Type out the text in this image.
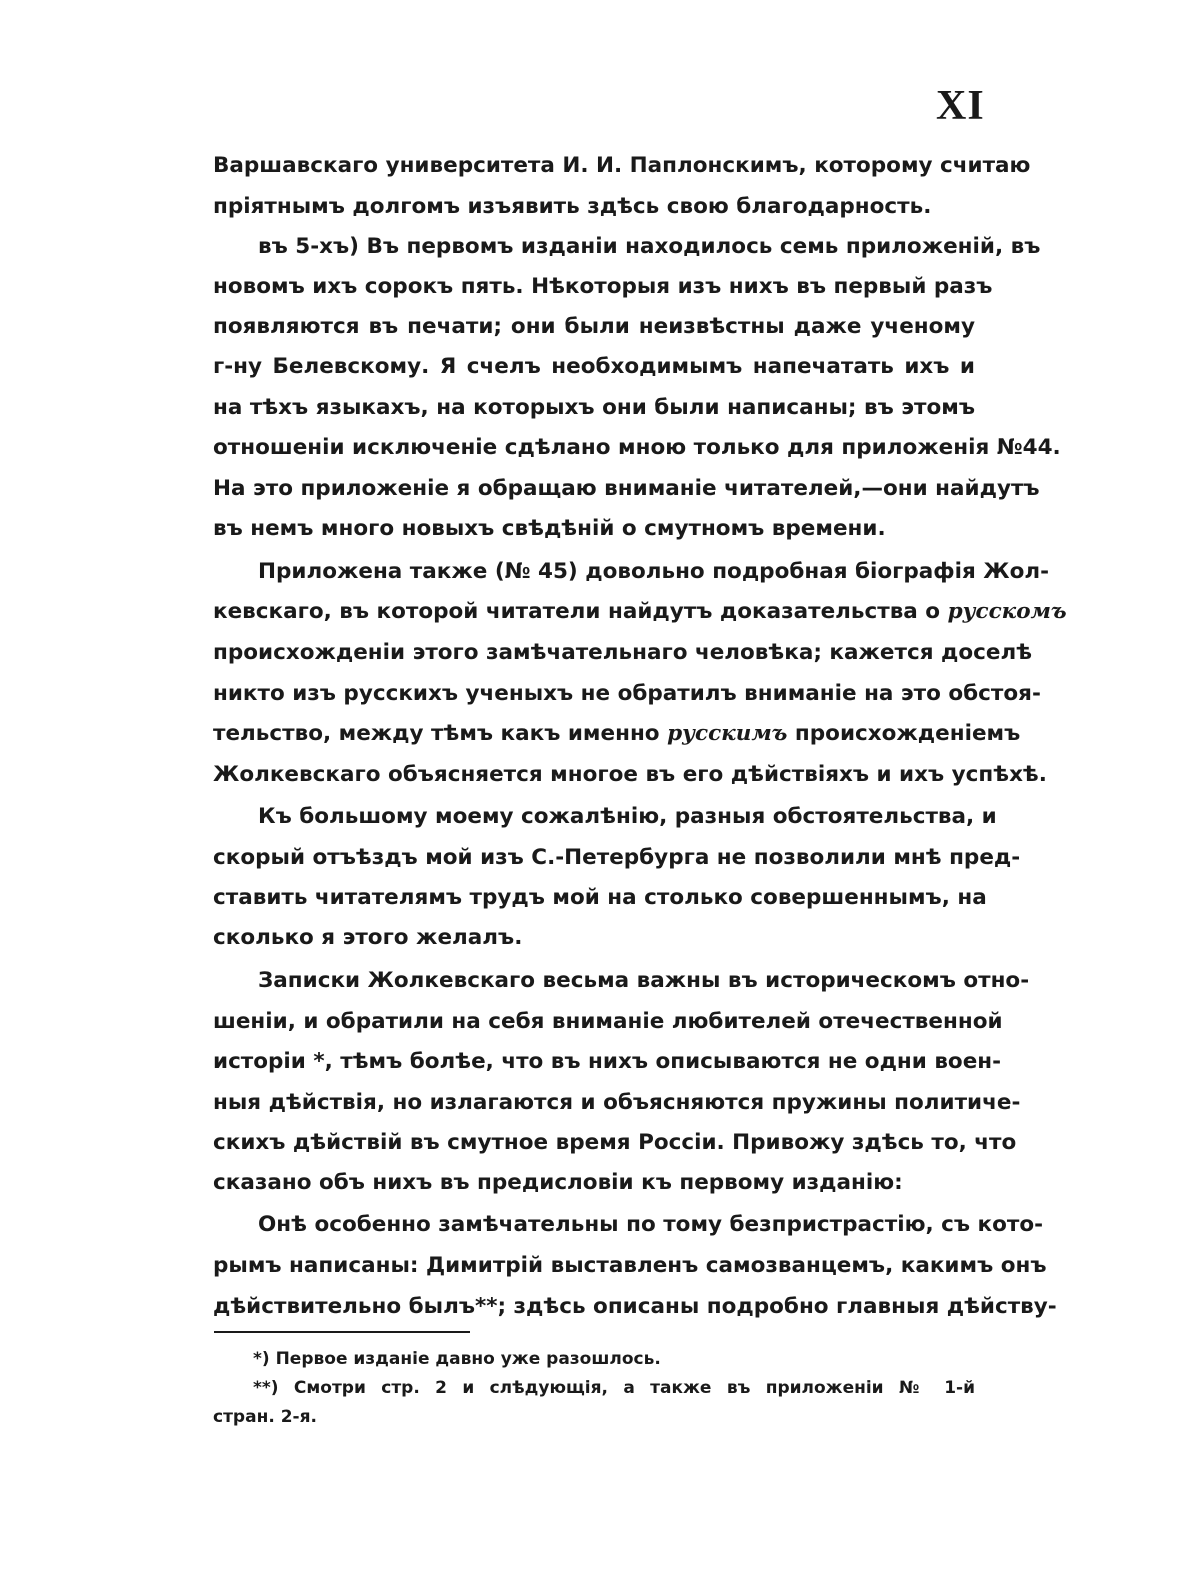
XI
Варшавскаго университета И. И. Паплонскимъ, которому считаю
пріятнымъ долгомъ изъявить здѣсь свою благодарность.
въ 5-хъ) Въ первомъ изданіи находилось семь приложеній, въ
новомъ ихъ сорокъ пять. Нѣкоторыя изъ нихъ въ первый разъ
появляются въ печати; они были неизвѣстны даже ученому
г-ну Белевскому. Я счелъ необходимымъ напечатать ихъ и
на тѣхъ языкахъ, на которыхъ они были написаны; въ этомъ
отношеніи исключеніе сдѣлано мною только для приложенія №44.
На это приложеніе я обращаю вниманіе читателей,—они найдутъ
въ немъ много новыхъ свѣдѣній о смутномъ времени.
Приложена также (№ 45) довольно подробная біографія Жол-
кевскаго, въ которой читатели найдутъ доказательства о русскомъ
происхожденіи этого замѣчательнаго человѣка; кажется доселѣ
никто изъ русскихъ ученыхъ не обратилъ вниманіе на это обстоя-
тельство, между тѣмъ какъ именно русскимъ происхожденіемъ
Жолкевскаго объясняется многое въ его дѣйствіяхъ и ихъ успѣхѣ.
Къ большому моему сожалѣнію, разныя обстоятельства, и
скорый отъѣздъ мой изъ С.-Петербурга не позволили мнѣ пред-
ставить читателямъ трудъ мой на столько совершеннымъ, на
сколько я этого желалъ.
Записки Жолкевскаго весьма важны въ историческомъ отно-
шеніи, и обратили на себя вниманіе любителей отечественной
исторіи *, тѣмъ болѣе, что въ нихъ описываются не одни воен-
ныя дѣйствія, но излагаются и объясняются пружины политиче-
скихъ дѣйствій въ смутное время Россіи. Привожу здѣсь то, что
сказано объ нихъ въ предисловіи къ первому изданію:
Онѣ особенно замѣчательны по тому безпристрастію, съ кото-
рымъ написаны: Димитрій выставленъ самозванцемъ, какимъ онъ
дѣйствительно былъ**; здѣсь описаны подробно главныя дѣйству-
*) Первое изданіе давно уже разошлось.
**) Смотри стр. 2 и слѣдующія, а также въ приложеніи № 1-й
стран. 2-я.
